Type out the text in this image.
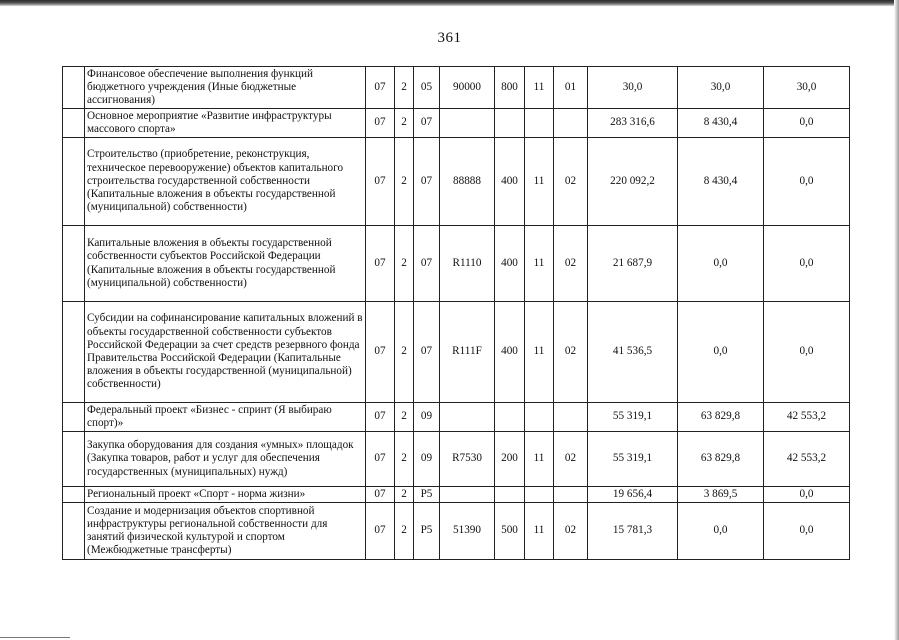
361
	Финансовое обеспечение выполнения функций бюджетного учреждения (Иные бюджетные ассигнования)	07	2	05	90000	800	11	01	30,0	30,0	30,0
	Основное мероприятие «Развитие инфраструктуры массового спорта»	07	2	07					283 316,6	8 430,4	0,0
	Строительство (приобретение, реконструкция, техническое перевооружение) объектов капитального строительства государственной собственности (Капитальные вложения в объекты государственной (муниципальной) собственности)	07	2	07	88888	400	11	02	220 092,2	8 430,4	0,0
	Капитальные вложения в объекты государственной собственности субъектов Российской Федерации (Капитальные вложения в объекты государственной (муниципальной) собственности)	07	2	07	R1110	400	11	02	21 687,9	0,0	0,0
	Субсидии на софинансирование капитальных вложений в объекты государственной собственности субъектов Российской Федерации за счет средств резервного фонда Правительства Российской Федерации (Капитальные вложения в объекты государственной (муниципальной) собственности)	07	2	07	R111F	400	11	02	41 536,5	0,0	0,0
	Федеральный проект «Бизнес - спринт (Я выбираю спорт)»	07	2	09					55 319,1	63 829,8	42 553,2
	Закупка оборудования для создания «умных» площадок (Закупка товаров, работ и услуг для обеспечения государственных (муниципальных) нужд)	07	2	09	R7530	200	11	02	55 319,1	63 829,8	42 553,2
	Региональный проект «Спорт - норма жизни»	07	2	P5					19 656,4	3 869,5	0,0
	Создание и модернизация объектов спортивной инфраструктуры региональной собственности для занятий физической культурой и спортом (Межбюджетные трансферты)	07	2	P5	51390	500	11	02	15 781,3	0,0	0,0
